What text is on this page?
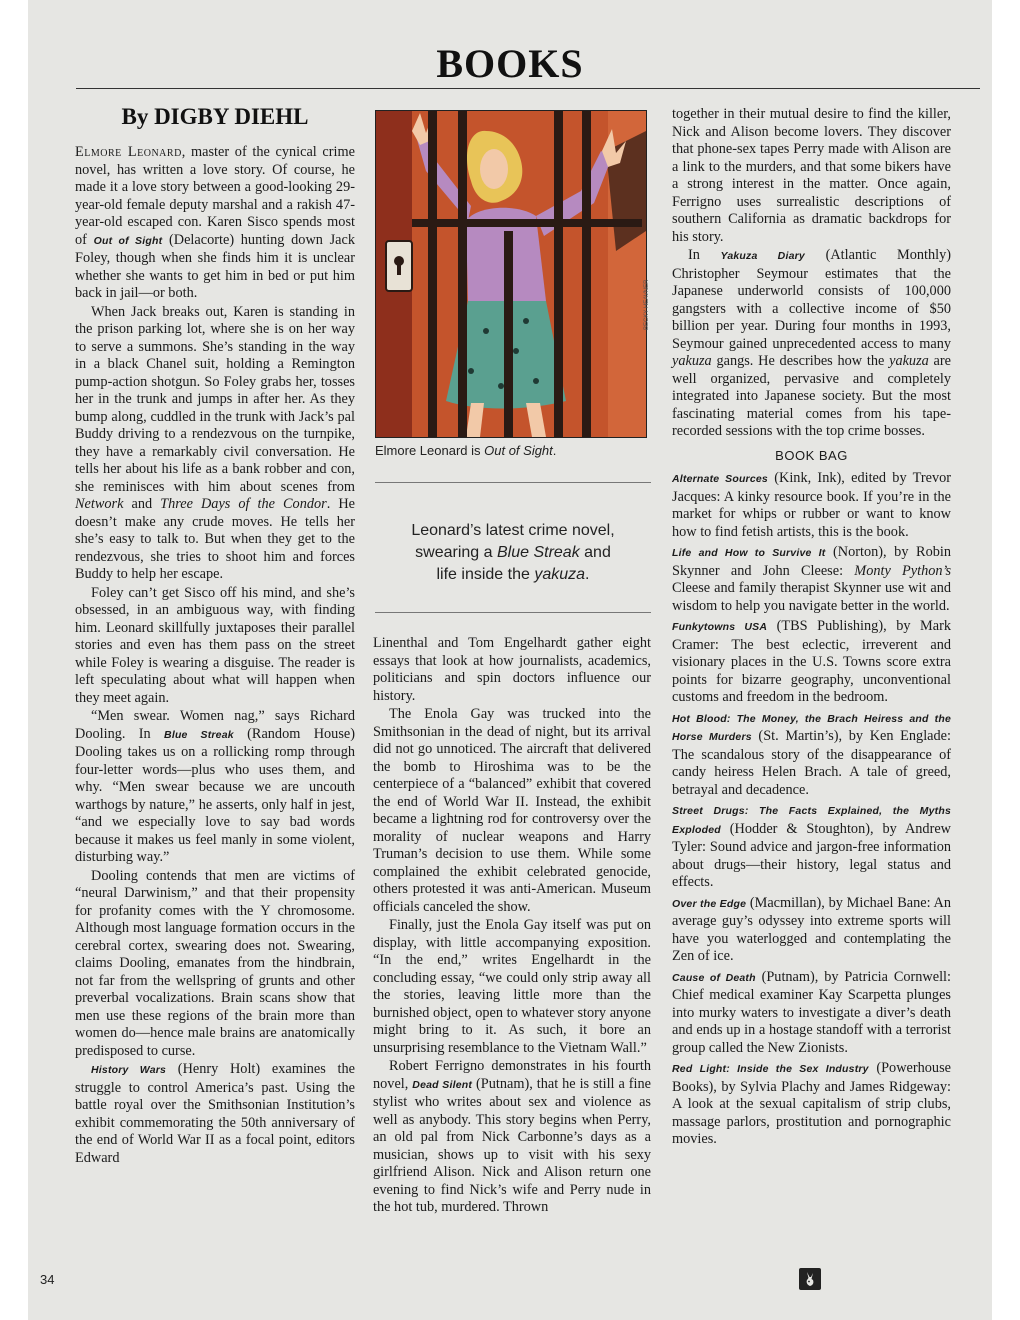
BOOKS
By DIGBY DIEHL

Elmore Leonard, master of the cynical crime novel, has written a love story. Of course, he made it a love story between a good-looking 29-year-old female deputy marshal and a rakish 47-year-old escaped con. Karen Sisco spends most of Out of Sight (Delacorte) hunting down Jack Foley, though when she finds him it is unclear whether she wants to get him in bed or put him back in jail—or both.

When Jack breaks out, Karen is standing in the prison parking lot, where she is on her way to serve a summons. She’s standing in the way in a black Chanel suit, holding a Remington pump-action shotgun. So Foley grabs her, tosses her in the trunk and jumps in after her. As they bump along, cuddled in the trunk with Jack’s pal Buddy driving to a rendezvous on the turnpike, they have a remarkably civil conversation. He tells her about his life as a bank robber and con, she reminisces with him about scenes from Network and Three Days of the Condor. He doesn’t make any crude moves. He tells her she’s easy to talk to. But when they get to the rendezvous, she tries to shoot him and forces Buddy to help her escape.

Foley can’t get Sisco off his mind, and she’s obsessed, in an ambiguous way, with finding him. Leonard skillfully juxtaposes their parallel stories and even has them pass on the street while Foley is wearing a disguise. The reader is left speculating about what will happen when they meet again.

“Men swear. Women nag,” says Richard Dooling. In Blue Streak (Random House) Dooling takes us on a rollicking romp through four-letter words—plus who uses them, and why. “Men swear because we are uncouth warthogs by nature,” he asserts, only half in jest, “and we especially love to say bad words because it makes us feel manly in some violent, disturbing way.”

Dooling contends that men are victims of “neural Darwinism,” and that their propensity for profanity comes with the Y chromosome. Although most language formation occurs in the cerebral cortex, swearing does not. Swearing, claims Dooling, emanates from the hindbrain, not far from the wellspring of grunts and other preverbal vocalizations. Brain scans show that men use these regions of the brain more than women do—hence male brains are anatomically predisposed to curse.

History Wars (Henry Holt) examines the struggle to control America’s past. Using the battle royal over the Smithsonian Institution’s exhibit commemorating the 50th anniversary of the end of World War II as a focal point, editors Edward

BECKY HEAVNER
Elmore Leonard is Out of Sight.
Leonard’s latest crime novel,
swearing a Blue Streak and
life inside the yakuza.

Linenthal and Tom Engelhardt gather eight essays that look at how journalists, academics, politicians and spin doctors influence our history.

The Enola Gay was trucked into the Smithsonian in the dead of night, but its arrival did not go unnoticed. The aircraft that delivered the bomb to Hiroshima was to be the centerpiece of a “balanced” exhibit that covered the end of World War II. Instead, the exhibit became a lightning rod for controversy over the morality of nuclear weapons and Harry Truman’s decision to use them. While some complained the exhibit celebrated genocide, others protested it was anti-American. Museum officials canceled the show.

Finally, just the Enola Gay itself was put on display, with little accompanying exposition. “In the end,” writes Engelhardt in the concluding essay, “we could only strip away all the stories, leaving little more than the burnished object, open to whatever story anyone might bring to it. As such, it bore an unsurprising resemblance to the Vietnam Wall.”

Robert Ferrigno demonstrates in his fourth novel, Dead Silent (Putnam), that he is still a fine stylist who writes about sex and violence as well as anybody. This story begins when Perry, an old pal from Nick Carbonne’s days as a musician, shows up to visit with his sexy girlfriend Alison. Nick and Alison return one evening to find Nick’s wife and Perry nude in the hot tub, murdered. Thrown

together in their mutual desire to find the killer, Nick and Alison become lovers. They discover that phone-sex tapes Perry made with Alison are a link to the murders, and that some bikers have a strong interest in the matter. Once again, Ferrigno uses surrealistic descriptions of southern California as dramatic backdrops for his story.

In Yakuza Diary (Atlantic Monthly) Christopher Seymour estimates that the Japanese underworld consists of 100,000 gangsters with a collective income of $50 billion per year. During four months in 1993, Seymour gained unprecedented access to many yakuza gangs. He describes how the yakuza are well organized, pervasive and completely integrated into Japanese society. But the most fascinating material comes from his tape-recorded sessions with the top crime bosses.

BOOK BAG

Alternate Sources (Kink, Ink), edited by Trevor Jacques: A kinky resource book. If you’re in the market for whips or rubber or want to know how to find fetish artists, this is the book.

Life and How to Survive It (Norton), by Robin Skynner and John Cleese: Monty Python’s Cleese and family therapist Skynner use wit and wisdom to help you navigate better in the world.

Funkytowns USA (TBS Publishing), by Mark Cramer: The best eclectic, irreverent and visionary places in the U.S. Towns score extra points for bizarre geography, unconventional customs and freedom in the bedroom.

Hot Blood: The Money, the Brach Heiress and the Horse Murders (St. Martin’s), by Ken Englade: The scandalous story of the disappearance of candy heiress Helen Brach. A tale of greed, betrayal and decadence.

Street Drugs: The Facts Explained, the Myths Exploded (Hodder & Stoughton), by Andrew Tyler: Sound advice and jargon-free information about drugs—their history, legal status and effects.

Over the Edge (Macmillan), by Michael Bane: An average guy’s odyssey into extreme sports will have you waterlogged and contemplating the Zen of ice.

Cause of Death (Putnam), by Patricia Cornwell: Chief medical examiner Kay Scarpetta plunges into murky waters to investigate a diver’s death and ends up in a hostage standoff with a terrorist group called the New Zionists.

Red Light: Inside the Sex Industry (Powerhouse Books), by Sylvia Plachy and James Ridgeway: A look at the sexual capitalism of strip clubs, massage parlors, prostitution and pornographic movies.

34
